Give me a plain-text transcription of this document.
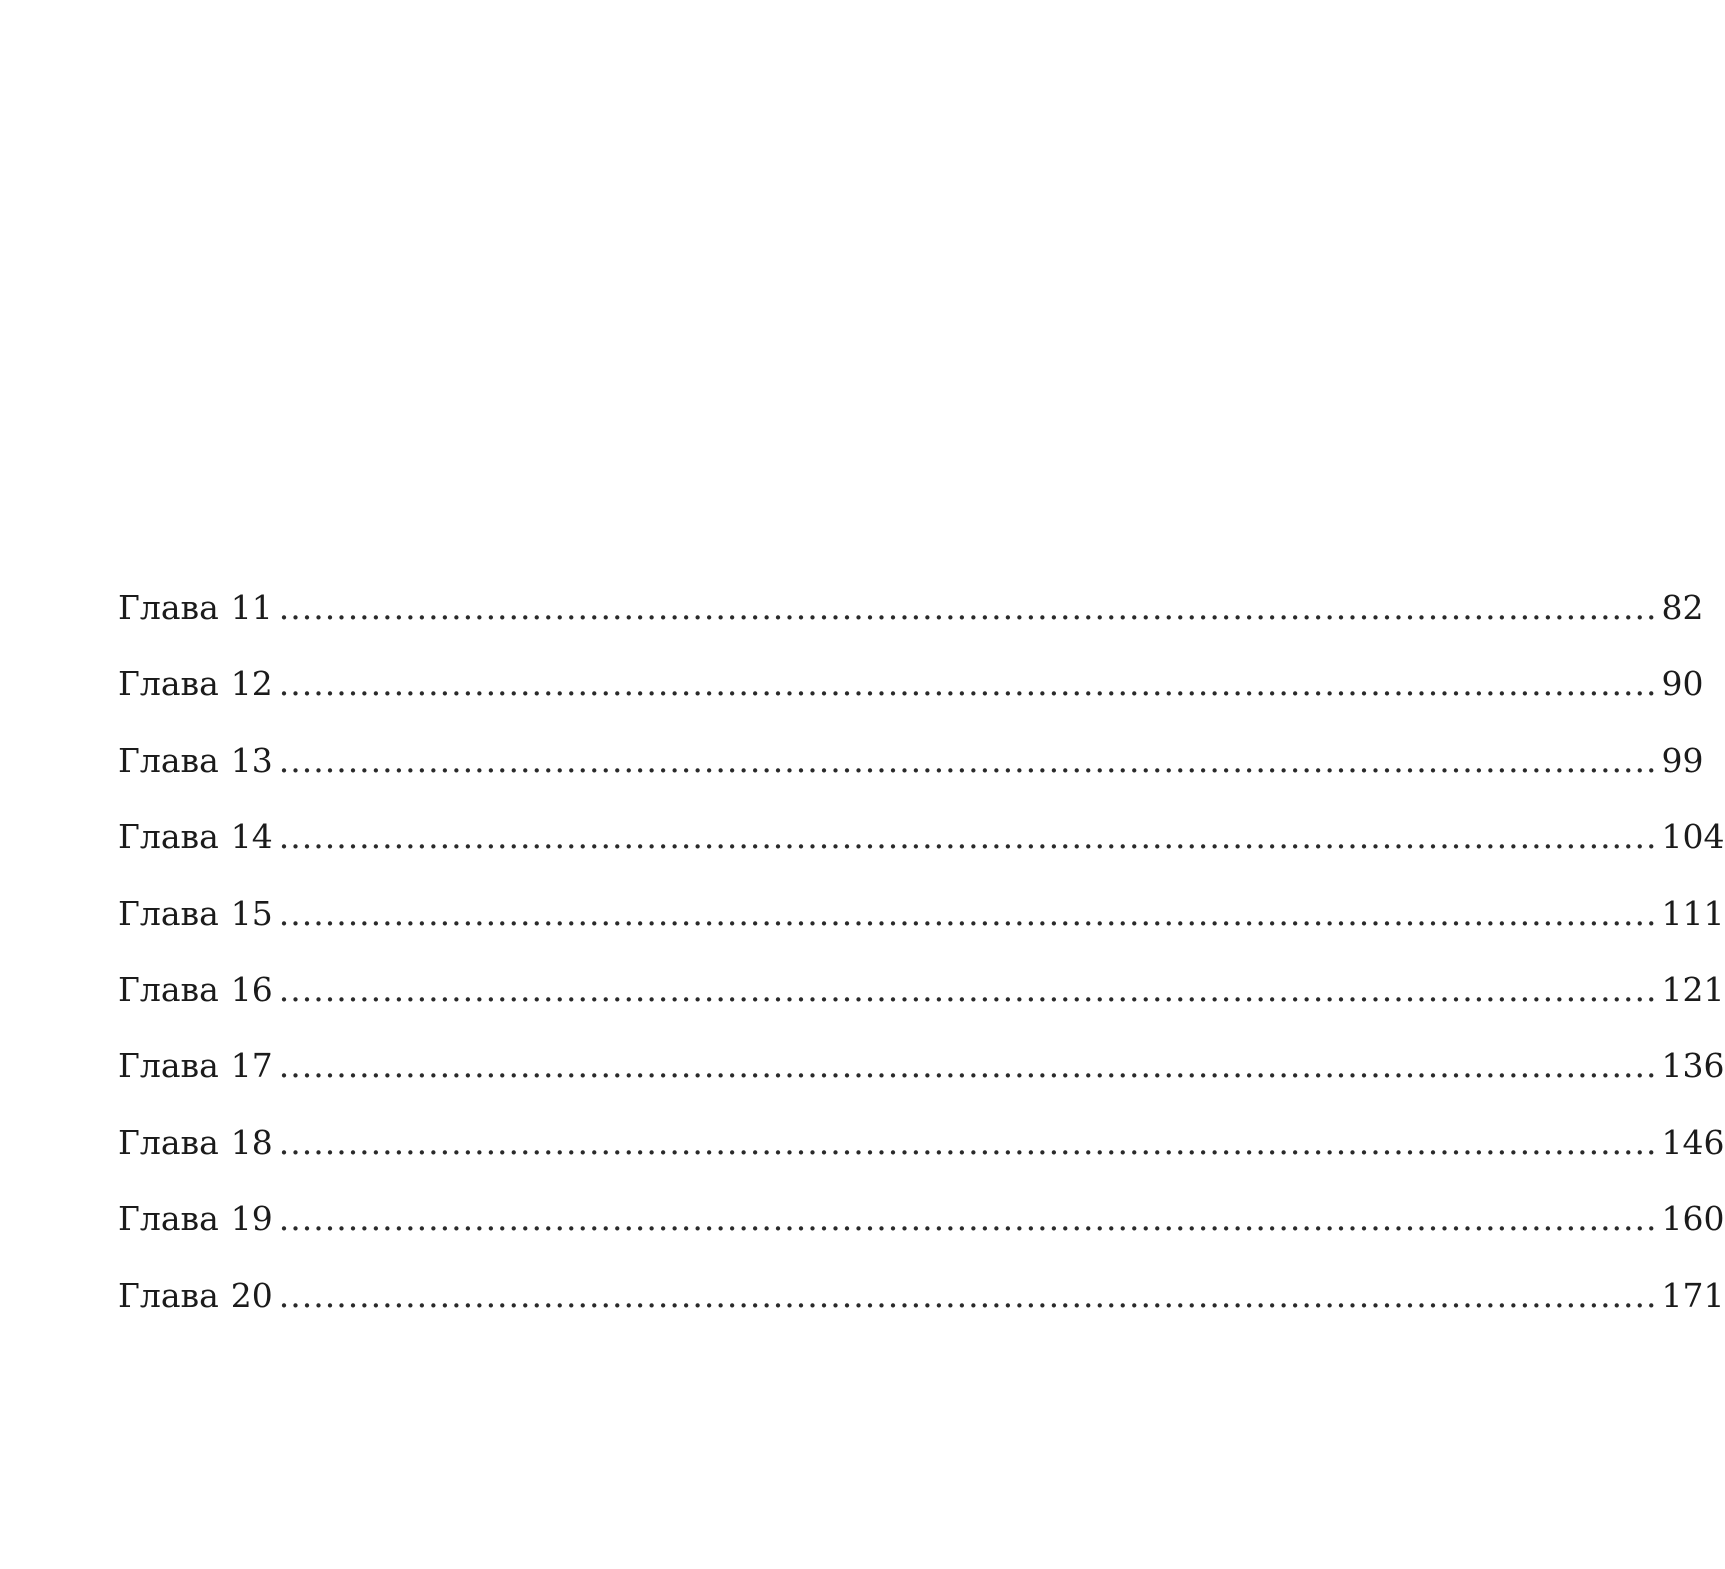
Глава 11 ........................................................................................................................ 82
Глава 12 ........................................................................................................................ 90
Глава 13 ........................................................................................................................ 99
Глава 14 ........................................................................................................................ 104
Глава 15 ........................................................................................................................ 111
Глава 16 ........................................................................................................................ 121
Глава 17 ........................................................................................................................ 136
Глава 18 ........................................................................................................................ 146
Глава 19 ........................................................................................................................ 160
Глава 20 ........................................................................................................................ 171
